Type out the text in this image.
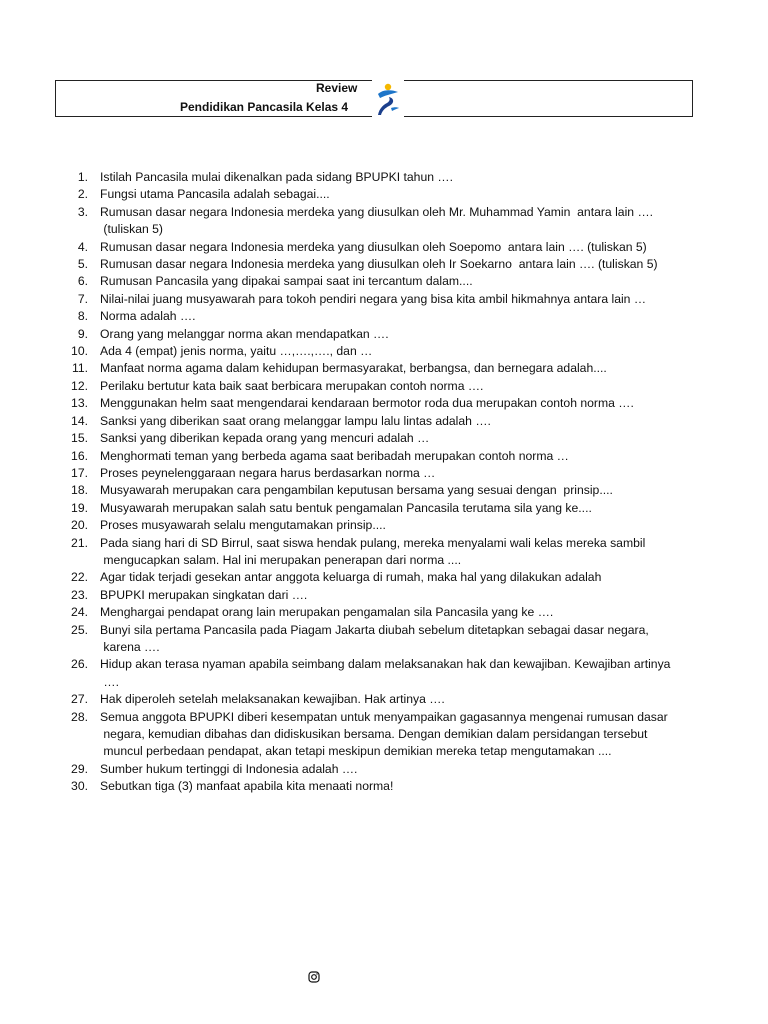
Review
Pendidikan Pancasila Kelas 4
1. Istilah Pancasila mulai dikenalkan pada sidang BPUPKI tahun ….
2. Fungsi utama Pancasila adalah sebagai....
3. Rumusan dasar negara Indonesia merdeka yang diusulkan oleh Mr. Muhammad Yamin  antara lain ….
(tuliskan 5)
4. Rumusan dasar negara Indonesia merdeka yang diusulkan oleh Soepomo  antara lain …. (tuliskan 5)
5. Rumusan dasar negara Indonesia merdeka yang diusulkan oleh Ir Soekarno  antara lain …. (tuliskan 5)
6. Rumusan Pancasila yang dipakai sampai saat ini tercantum dalam....
7. Nilai-nilai juang musyawarah para tokoh pendiri negara yang bisa kita ambil hikmahnya antara lain …
8. Norma adalah ….
9. Orang yang melanggar norma akan mendapatkan ….
10. Ada 4 (empat) jenis norma, yaitu …,….,…., dan …
11. Manfaat norma agama dalam kehidupan bermasyarakat, berbangsa, dan bernegara adalah....
12. Perilaku bertutur kata baik saat berbicara merupakan contoh norma ….
13. Menggunakan helm saat mengendarai kendaraan bermotor roda dua merupakan contoh norma ….
14. Sanksi yang diberikan saat orang melanggar lampu lalu lintas adalah ….
15. Sanksi yang diberikan kepada orang yang mencuri adalah …
16. Menghormati teman yang berbeda agama saat beribadah merupakan contoh norma …
17. Proses peynelenggaraan negara harus berdasarkan norma …
18. Musyawarah merupakan cara pengambilan keputusan bersama yang sesuai dengan  prinsip....
19. Musyawarah merupakan salah satu bentuk pengamalan Pancasila terutama sila yang ke....
20. Proses musyawarah selalu mengutamakan prinsip....
21. Pada siang hari di SD Birrul, saat siswa hendak pulang, mereka menyalami wali kelas mereka sambil
mengucapkan salam. Hal ini merupakan penerapan dari norma ....
22. Agar tidak terjadi gesekan antar anggota keluarga di rumah, maka hal yang dilakukan adalah
23. BPUPKI merupakan singkatan dari ….
24. Menghargai pendapat orang lain merupakan pengamalan sila Pancasila yang ke ….
25. Bunyi sila pertama Pancasila pada Piagam Jakarta diubah sebelum ditetapkan sebagai dasar negara,
karena ….
26. Hidup akan terasa nyaman apabila seimbang dalam melaksanakan hak dan kewajiban. Kewajiban artinya
….
27. Hak diperoleh setelah melaksanakan kewajiban. Hak artinya ….
28. Semua anggota BPUPKI diberi kesempatan untuk menyampaikan gagasannya mengenai rumusan dasar
negara, kemudian dibahas dan didiskusikan bersama. Dengan demikian dalam persidangan tersebut
muncul perbedaan pendapat, akan tetapi meskipun demikian mereka tetap mengutamakan ....
29. Sumber hukum tertinggi di Indonesia adalah ….
30. Sebutkan tiga (3) manfaat apabila kita menaati norma!
